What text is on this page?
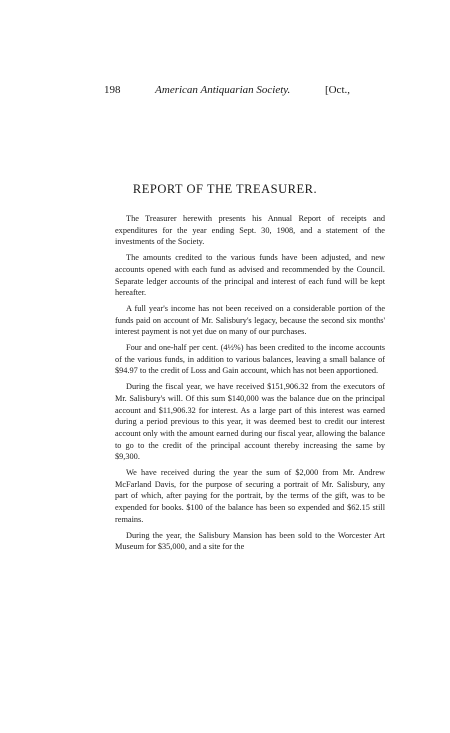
198	American Antiquarian Society.	[Oct.,
REPORT OF THE TREASURER.

The Treasurer herewith presents his Annual Report of receipts and expenditures for the year ending Sept. 30, 1908, and a statement of the investments of the Society.

The amounts credited to the various funds have been adjusted, and new accounts opened with each fund as advised and recommended by the Council. Separate ledger accounts of the principal and interest of each fund will be kept hereafter.

A full year's income has not been received on a considerable portion of the funds paid on account of Mr. Salisbury's legacy, because the second six months' interest payment is not yet due on many of our purchases.

Four and one-half per cent. (4½%) has been credited to the income accounts of the various funds, in addition to various balances, leaving a small balance of $94.97 to the credit of Loss and Gain account, which has not been apportioned.

During the fiscal year, we have received $151,906.32 from the executors of Mr. Salisbury's will. Of this sum $140,000 was the balance due on the principal account and $11,906.32 for interest. As a large part of this interest was earned during a period previous to this year, it was deemed best to credit our interest account only with the amount earned during our fiscal year, allowing the balance to go to the credit of the principal account thereby increasing the same by $9,300.

We have received during the year the sum of $2,000 from Mr. Andrew McFarland Davis, for the purpose of securing a portrait of Mr. Salisbury, any part of which, after paying for the portrait, by the terms of the gift, was to be expended for books. $100 of the balance has been so expended and $62.15 still remains.

During the year, the Salisbury Mansion has been sold to the Worcester Art Museum for $35,000, and a site for the
